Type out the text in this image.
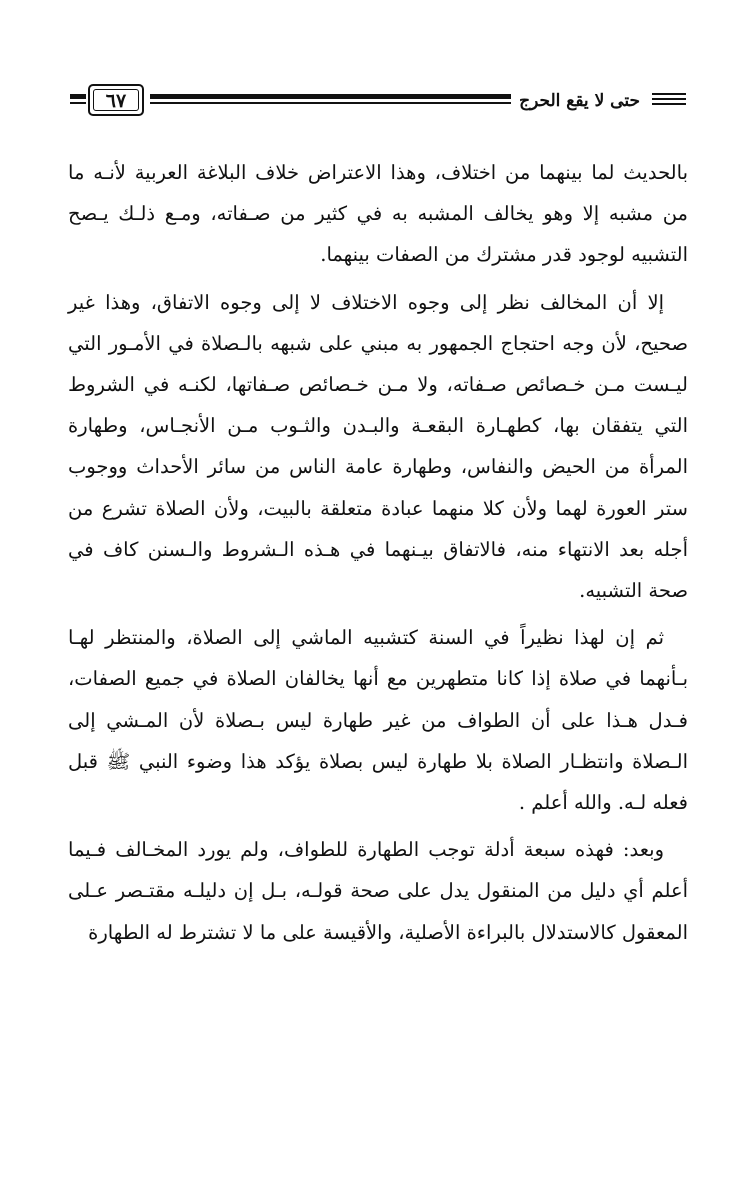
حتى لا يقع الحرج
٦٧

بالحديث لما بينهما من اختلاف، وهذا الاعتراض خلاف البلاغة العربية لأنـه ما من مشبه إلا وهو يخالف المشبه به في كثير من صـفاته، ومـع ذلـك يـصح التشبيه لوجود قدر مشترك من الصفات بينهما.

إلا أن المخالف نظر إلى وجوه الاختلاف لا إلى وجوه الاتفاق، وهذا غير صحيح، لأن وجه احتجاج الجمهور به مبني على شبهه بالـصلاة في الأمـور التي ليـست مـن خـصائص صـفاته، ولا مـن خـصائص صـفاتها، لكنـه في الشروط التي يتفقان بها، كطهـارة البقعـة والبـدن والثـوب مـن الأنجـاس، وطهارة المرأة من الحيض والنفاس، وطهارة عامة الناس من سائر الأحداث ووجوب ستر العورة لهما ولأن كلا منهما عبادة متعلقة بالبيت، ولأن الصلاة تشرع من أجله بعد الانتهاء منه، فالاتفاق بيـنهما في هـذه الـشروط والـسنن كاف في صحة التشبيه.

ثم إن لهذا نظيراً في السنة كتشبيه الماشي إلى الصلاة، والمنتظر لهـا بـأنهما في صلاة إذا كانا متطهرين مع أنها يخالفان الصلاة في جميع الصفات، فـدل هـذا على أن الطواف من غير طهارة ليس بـصلاة لأن المـشي إلى الـصلاة وانتظـار الصلاة بلا طهارة ليس بصلاة يؤكد هذا وضوء النبي ﷺ قبل فعله لـه. والله أعلم .

وبعد: فهذه سبعة أدلة توجب الطهارة للطواف، ولم يورد المخـالف فـيما أعلم أي دليل من المنقول يدل على صحة قولـه، بـل إن دليلـه مقتـصر عـلى المعقول كالاستدلال بالبراءة الأصلية، والأقيسة على ما لا تشترط له الطهارة
